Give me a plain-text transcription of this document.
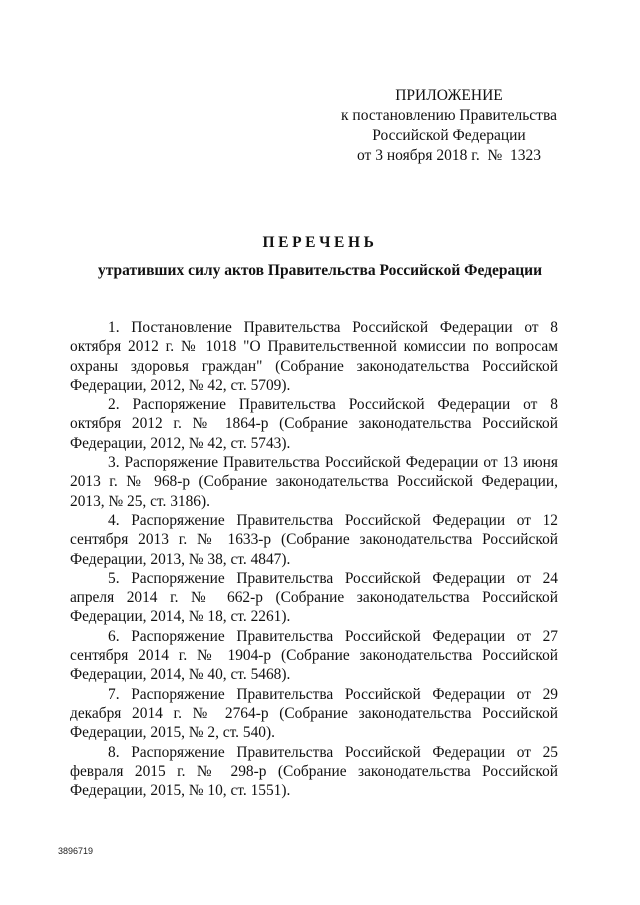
ПРИЛОЖЕНИЕ
к постановлению Правительства
Российской Федерации
от 3 ноября 2018 г.  №  1323
ПЕРЕЧЕНЬ
утративших силу актов Правительства Российской Федерации

1. Постановление Правительства Российской Федерации от 8 октября 2012 г. № 1018 "О Правительственной комиссии по вопросам охраны здоровья граждан" (Собрание законодательства Российской Федерации, 2012, № 42, ст. 5709).

2. Распоряжение Правительства Российской Федерации от 8 октября 2012 г. № 1864-р (Собрание законодательства Российской Федерации, 2012, № 42, ст. 5743).

3. Распоряжение Правительства Российской Федерации от 13 июня 2013 г. № 968-р (Собрание законодательства Российской Федерации, 2013, № 25, ст. 3186).

4. Распоряжение Правительства Российской Федерации от 12 сентября 2013 г. № 1633-р (Собрание законодательства Российской Федерации, 2013, № 38, ст. 4847).

5. Распоряжение Правительства Российской Федерации от 24 апреля 2014 г. № 662-р (Собрание законодательства Российской Федерации, 2014, № 18, ст. 2261).

6. Распоряжение Правительства Российской Федерации от 27 сентября 2014 г. № 1904-р (Собрание законодательства Российской Федерации, 2014, № 40, ст. 5468).

7. Распоряжение Правительства Российской Федерации от 29 декабря 2014 г. № 2764-р (Собрание законодательства Российской Федерации, 2015, № 2, ст. 540).

8. Распоряжение Правительства Российской Федерации от 25 февраля 2015 г. № 298-р (Собрание законодательства Российской Федерации, 2015, № 10, ст. 1551).

3896719
